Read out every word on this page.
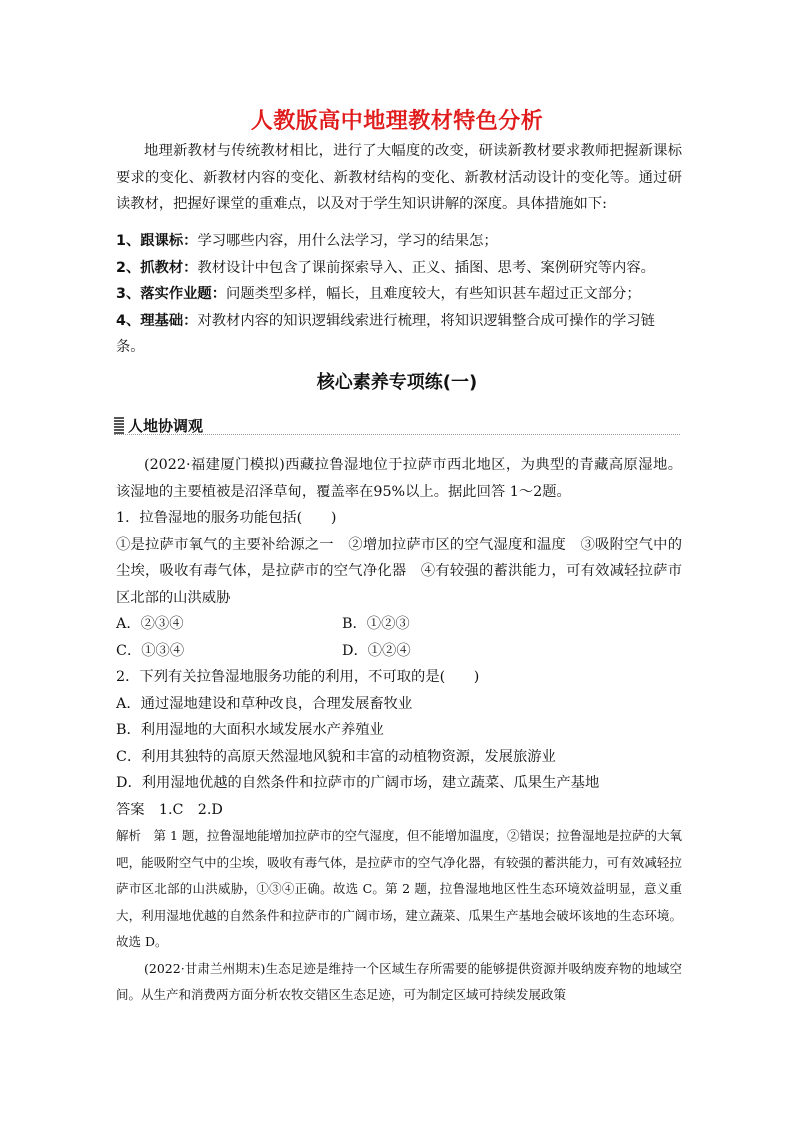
人教版高中地理教材特色分析

地理新教材与传统教材相比，进行了大幅度的改变，研读新教材要求教师把握新课标要求的变化、新教材内容的变化、新教材结构的变化、新教材活动设计的变化等。通过研读教材，把握好课堂的重难点，以及对于学生知识讲解的深度。具体措施如下:

1、跟课标：学习哪些内容，用什么法学习，学习的结果怎；

2、抓教材：教材设计中包含了课前探索导入、正义、插图、思考、案例研究等内容。

3、落实作业题：问题类型多样，幅长，且难度较大，有些知识甚车超过正文部分；

4、理基础：对教材内容的知识逻辑线索进行梳理，将知识逻辑整合成可操作的学习链条。

核心素养专项练(一)
人地协调观

(2022·福建厦门模拟)西藏拉鲁湿地位于拉萨市西北地区，为典型的青藏高原湿地。该湿地的主要植被是沼泽草甸，覆盖率在95%以上。据此回答 1～2题。

1．拉鲁湿地的服务功能包括(　　)

①是拉萨市氧气的主要补给源之一　②增加拉萨市区的空气湿度和温度　③吸附空气中的尘埃，吸收有毒气体，是拉萨市的空气净化器　④有较强的蓄洪能力，可有效减轻拉萨市区北部的山洪威胁

A．②③④	B．①②③
C．①③④	D．①②④

2．下列有关拉鲁湿地服务功能的利用，不可取的是(　　)

A．通过湿地建设和草种改良，合理发展畜牧业

B．利用湿地的大面积水域发展水产养殖业

C．利用其独特的高原天然湿地风貌和丰富的动植物资源，发展旅游业

D．利用湿地优越的自然条件和拉萨市的广阔市场，建立蔬菜、瓜果生产基地

答案　 1.C　2.D

解析　 第 1 题，拉鲁湿地能增加拉萨市的空气湿度，但不能增加温度，②错误；拉鲁湿地是拉萨的大氧吧，能吸附空气中的尘埃，吸收有毒气体，是拉萨市的空气净化器，有较强的蓄洪能力，可有效减轻拉萨市区北部的山洪威胁，①③④正确。故选 C。第 2 题，拉鲁湿地地区性生态环境效益明显，意义重大，利用湿地优越的自然条件和拉萨市的广阔市场，建立蔬菜、瓜果生产基地会破坏该地的生态环境。故选 D。

(2022·甘肃兰州期末)生态足迹是维持一个区域生存所需要的能够提供资源并吸纳废弃物的地域空间。从生产和消费两方面分析农牧交错区生态足迹，可为制定区域可持续发展政策
